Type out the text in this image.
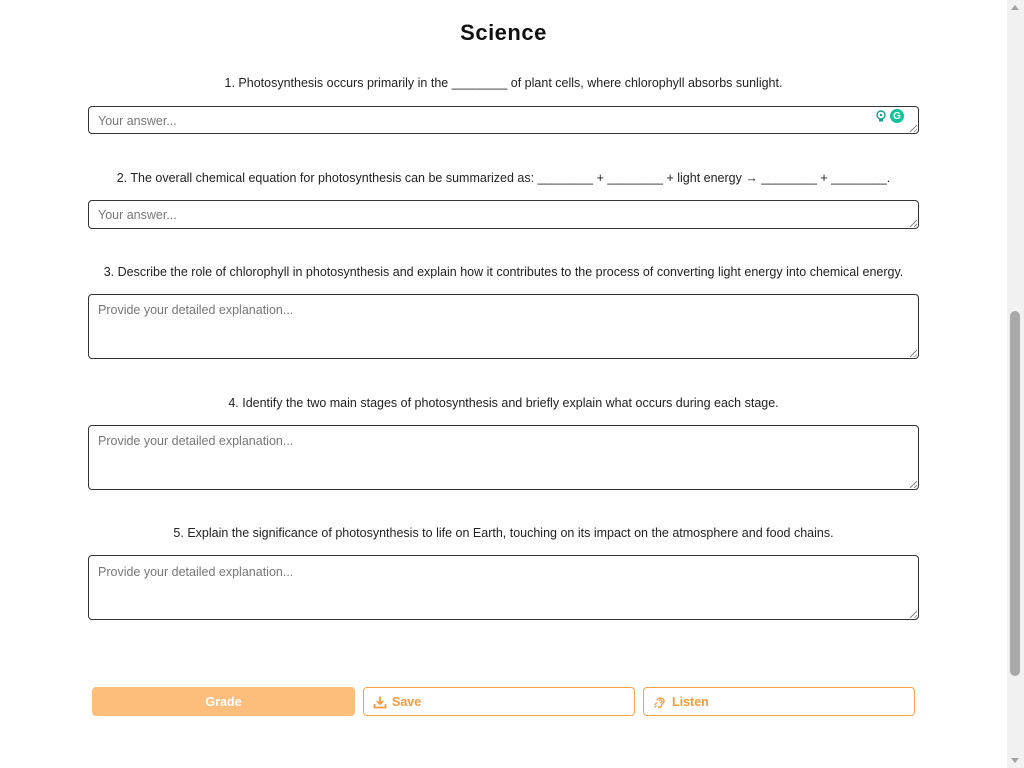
Science
1. Photosynthesis occurs primarily in the ________ of plant cells, where chlorophyll absorbs sunlight.
Your answer...	G
2. The overall chemical equation for photosynthesis can be summarized as: ________ + ________ + light energy → ________ + ________.
Your answer...
3. Describe the role of chlorophyll in photosynthesis and explain how it contributes to the process of converting light energy into chemical energy.
Provide your detailed explanation...
4. Identify the two main stages of photosynthesis and briefly explain what occurs during each stage.
Provide your detailed explanation...
5. Explain the significance of photosynthesis to life on Earth, touching on its impact on the atmosphere and food chains.
Provide your detailed explanation...
Grade	Save	Listen
